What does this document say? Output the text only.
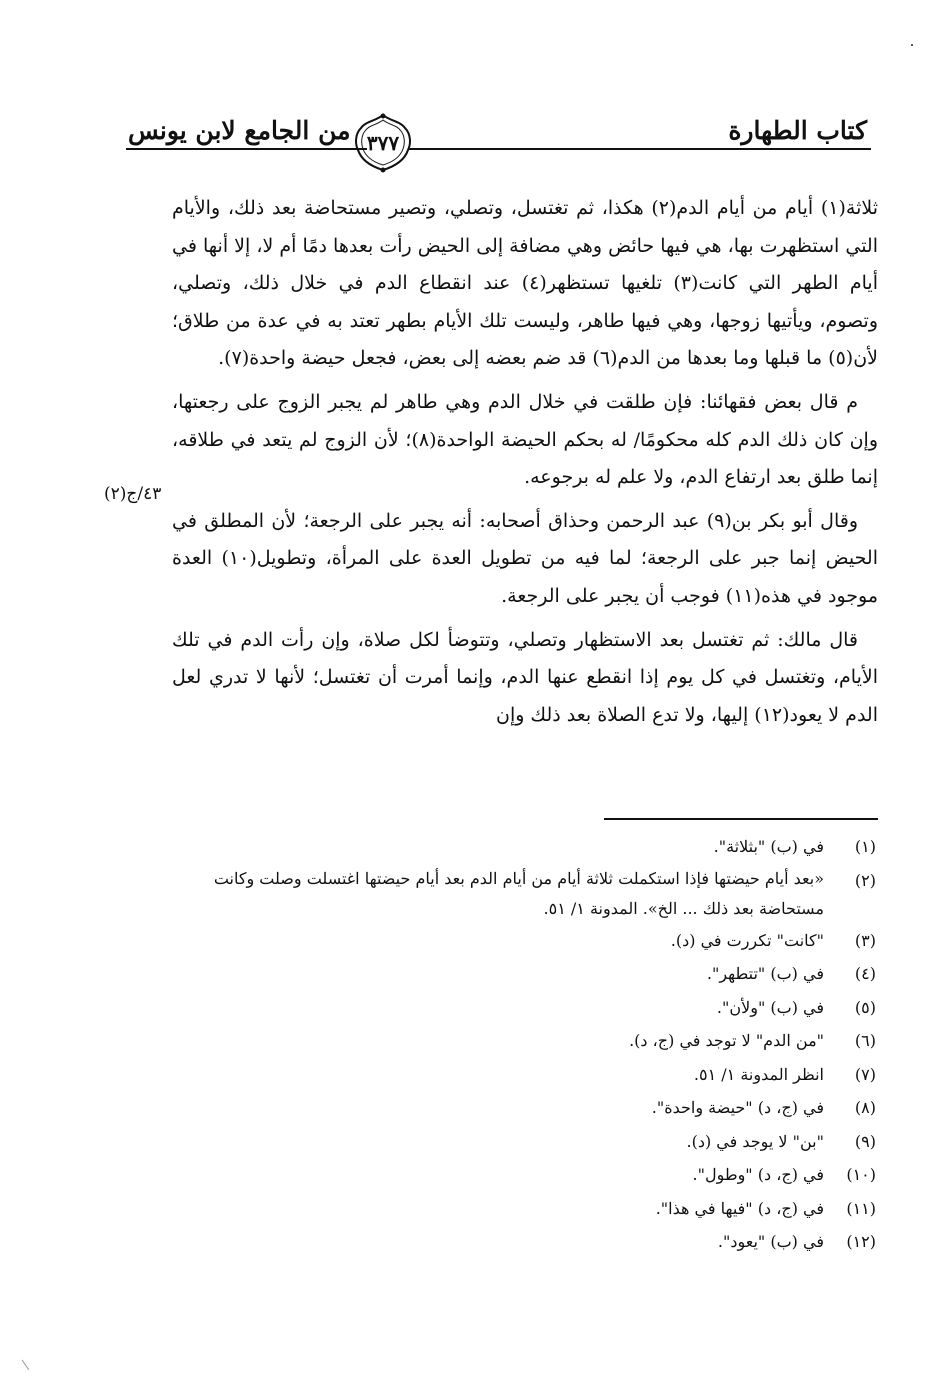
كتاب الطهارة
٣٧٧
من الجامع لابن يونس

ثلاثة(١) أيام من أيام الدم(٢) هكذا، ثم تغتسل، وتصلي، وتصير مستحاضة بعد ذلك، والأيام التي استظهرت بها، هي فيها حائض وهي مضافة إلى الحيض رأت بعدها دمًا أم لا، إلا أنها في أيام الطهر التي كانت(٣) تلغيها تستظهر(٤) عند انقطاع الدم في خلال ذلك، وتصلي، وتصوم، ويأتيها زوجها، وهي فيها طاهر، وليست تلك الأيام بطهر تعتد به في عدة من طلاق؛ لأن(٥) ما قبلها وما بعدها من الدم(٦) قد ضم بعضه إلى بعض، فجعل حيضة واحدة(٧).

م قال بعض فقهائنا: فإن طلقت في خلال الدم وهي طاهر لم يجبر الزوج على رجعتها، وإن كان ذلك الدم كله محكومًا/ له بحكم الحيضة الواحدة(٨)؛ لأن الزوج لم يتعد في طلاقه، إنما طلق بعد ارتفاع الدم، ولا علم له برجوعه.

وقال أبو بكر بن(٩) عبد الرحمن وحذاق أصحابه: أنه يجبر على الرجعة؛ لأن المطلق في الحيض إنما جبر على الرجعة؛ لما فيه من تطويل العدة على المرأة، وتطويل(١٠) العدة موجود في هذه(١١) فوجب أن يجبر على الرجعة.

قال مالك: ثم تغتسل بعد الاستظهار وتصلي، وتتوضأ لكل صلاة، وإن رأت الدم في تلك الأيام، وتغتسل في كل يوم إذا انقطع عنها الدم، وإنما أمرت أن تغتسل؛ لأنها لا تدري لعل الدم لا يعود(١٢) إليها، ولا تدع الصلاة بعد ذلك وإن

٤٣/ج(٢)
(١)
في (ب) "بثلاثة".
(٢)
«بعد أيام حيضتها فإذا استكملت ثلاثة أيام من أيام الدم بعد أيام حيضتها اغتسلت وصلت وكانت مستحاضة بعد ذلك ... الخ». المدونة ١/ ٥١.
(٣)
"كانت" تكررت في (د).
(٤)
في (ب) "تتطهر".
(٥)
في (ب) "ولأن".
(٦)
"من الدم" لا توجد في (ج، د).
(٧)
انظر المدونة ١/ ٥١.
(٨)
في (ج، د) "حيضة واحدة".
(٩)
"بن" لا يوجد في (د).
(١٠)
في (ج، د) "وطول".
(١١)
في (ج، د) "فيها في هذا".
(١٢)
في (ب) "يعود".
